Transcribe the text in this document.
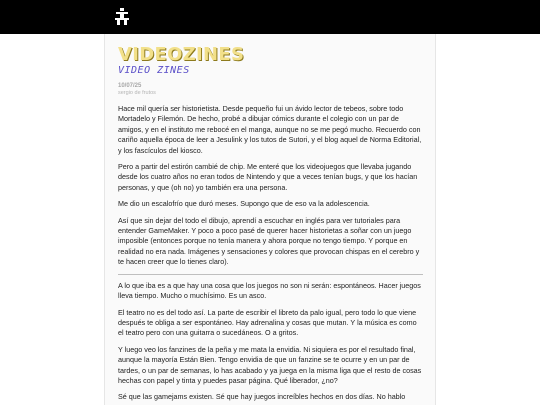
VIDEOZINES
VIDEO ZINES
10/07/25
sergio de frutos

Hace mil quería ser historietista. Desde pequeño fui un ávido lector de tebeos, sobre todo Mortadelo y Filemón. De hecho, probé a dibujar cómics durante el colegio con un par de amigos, y en el instituto me rebocé en el manga, aunque no se me pegó mucho. Recuerdo con cariño aquella época de leer a Jesulink y los tutos de Sutori, y el blog aquel de Norma Editorial, y los fascículos del kiosco.

Pero a partir del estirón cambié de chip. Me enteré que los videojuegos que llevaba jugando desde los cuatro años no eran todos de Nintendo y que a veces tenían bugs, y que los hacían personas, y que (oh no) yo también era una persona.

Me dio un escalofrío que duró meses. Supongo que de eso va la adolescencia.

Así que sin dejar del todo el dibujo, aprendí a escuchar en inglés para ver tutoriales para entender GameMaker. Y poco a poco pasé de querer hacer historietas a soñar con un juego imposible (entonces porque no tenía manera y ahora porque no tengo tiempo. Y porque en realidad no era nada. Imágenes y sensaciones y colores que provocan chispas en el cerebro y te hacen creer que lo tienes claro).

A lo que iba es a que hay una cosa que los juegos no son ni serán: espontáneos. Hacer juegos lleva tiempo. Mucho o muchísimo. Es un asco.

El teatro no es del todo así. La parte de escribir el libreto da palo igual, pero todo lo que viene después te obliga a ser espontáneo. Hay adrenalina y cosas que mutan. Y la música es como el teatro pero con una guitarra o sucedáneos. O a gritos.

Y luego veo los fanzines de la peña y me mata la envidia. Ni siquiera es por el resultado final, aunque la mayoría Están Bien. Tengo envidia de que un fanzine se te ocurre y en un par de tardes, o un par de semanas, lo has acabado y ya juega en la misma liga que el resto de cosas hechas con papel y tinta y puedes pasar página. Qué liberador, ¿no?

Sé que las gamejams existen. Sé que hay juegos increíbles hechos en dos días. No hablo
